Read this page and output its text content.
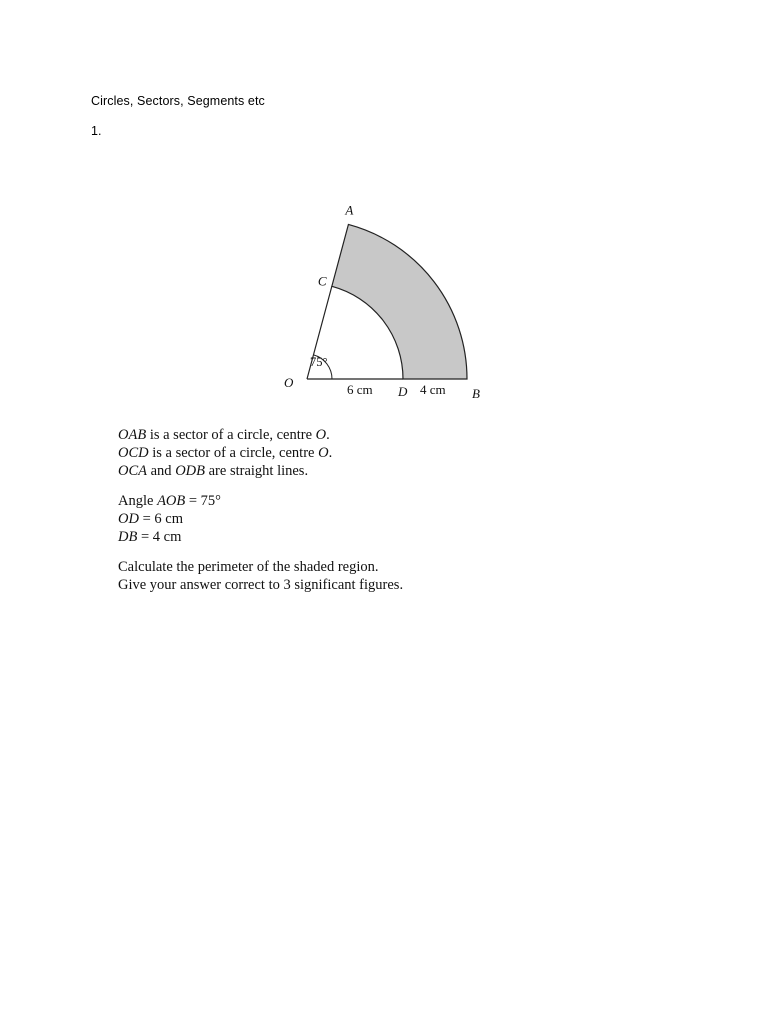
Circles, Sectors, Segments etc
1.
A
B
C
D
O
75°
6 cm	4 cm
OAB is a sector of a circle, centre O.
OCD is a sector of a circle, centre O.
OCA and ODB are straight lines.
Angle AOB = 75°
OD = 6 cm
DB = 4 cm
Calculate the perimeter of the shaded region.
Give your answer correct to 3 significant figures.
